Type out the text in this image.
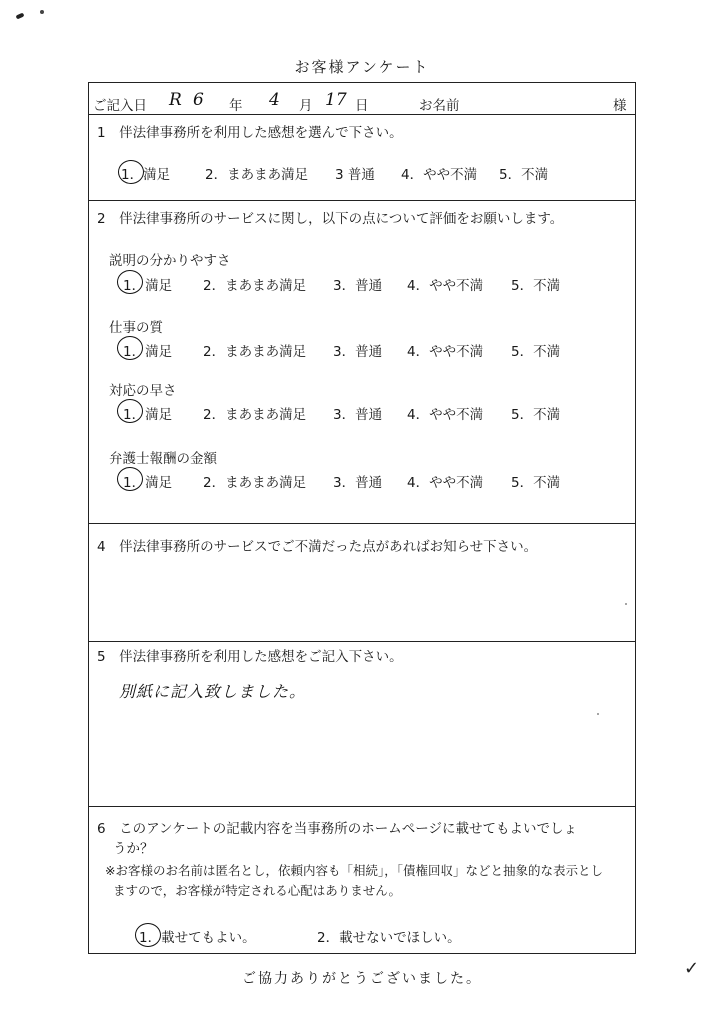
お客様アンケート
ご記入日 R 6 年 4 月 17 日	お名前	様
1　伴法律事務所を利用した感想を選んで下さい。
1．満足	2．まあまあ満足 3 普通 4．やや不満 5．不満
2　伴法律事務所のサービスに関し，以下の点について評価をお願いします。
説明の分かりやすさ
1．満足 2．まあまあ満足 3．普通 4．やや不満 5．不満
仕事の質
1．満足 2．まあまあ満足 3．普通 4．やや不満 5．不満
対応の早さ
1．満足 2．まあまあ満足 3．普通 4．やや不満 5．不満
弁護士報酬の金額
1．満足 2．まあまあ満足 3．普通 4．やや不満 5．不満
4　伴法律事務所のサービスでご不満だった点があればお知らせ下さい。
5　伴法律事務所を利用した感想をご記入下さい。
別紙に記入致しました。
6　このアンケートの記載内容を当事務所のホームページに載せてもよいでしょ
うか？
※お客様のお名前は匿名とし，依頼内容も「相続」，「債権回収」などと抽象的な表示とし
ますので，お客様が特定される心配はありません。
1．載せてもよい。	2．載せないでほしい。
ご協力ありがとうございました。	✓
